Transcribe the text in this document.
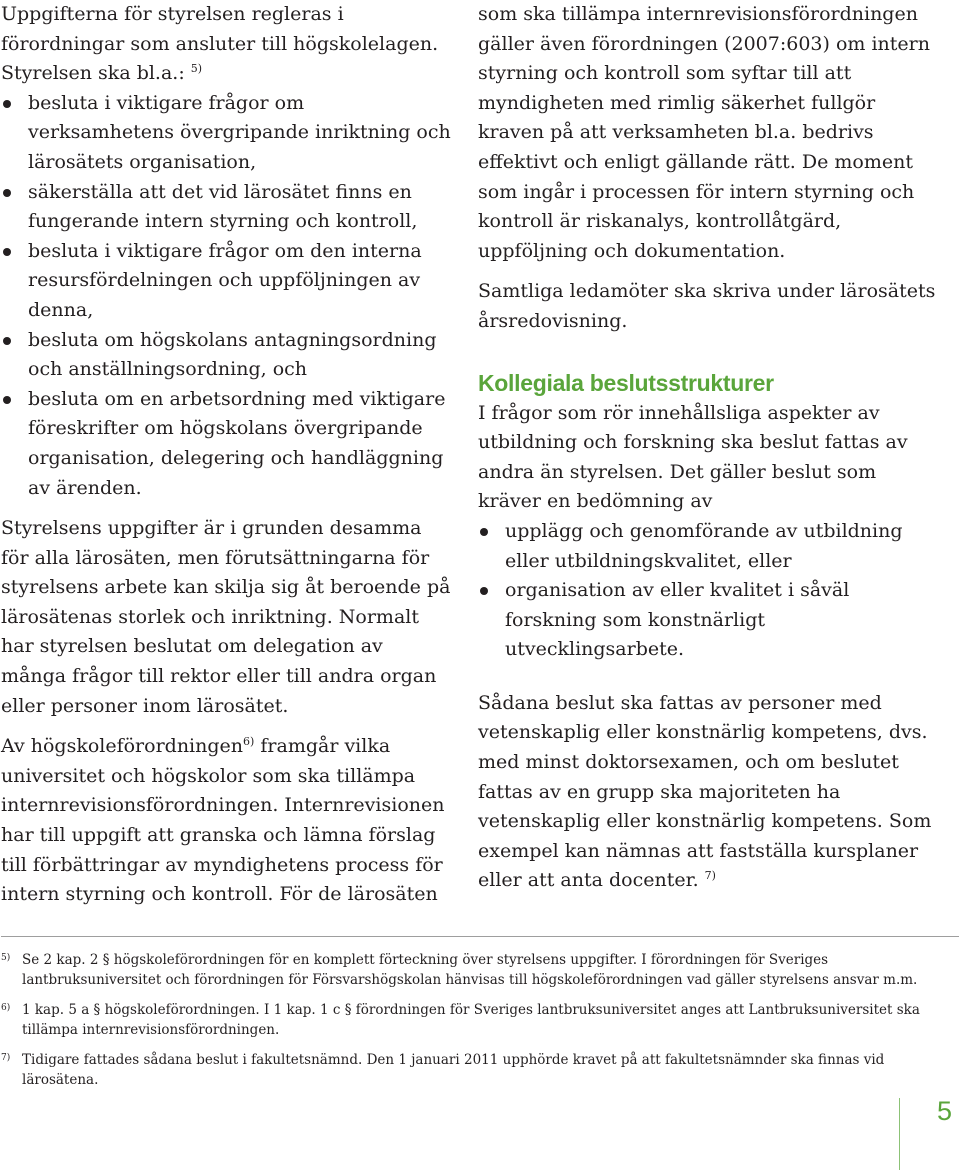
Uppgifterna för styrelsen regleras i förordningar som ansluter till högskolelagen. Styrelsen ska bl.a.: $^{5)}$

besluta i viktigare frågor om verksamhetens övergripande inriktning och lärosätets organisation,
säkerställa att det vid lärosätet finns en fungerande intern styrning och kontroll,
besluta i viktigare frågor om den interna resursfördelningen och uppföljningen av denna,
besluta om högskolans antagningsordning och anställningsordning, och
besluta om en arbetsordning med viktigare föreskrifter om högskolans övergripande organisation, delegering och handläggning av ärenden.

Styrelsens uppgifter är i grunden desamma för alla lärosäten, men förutsättningarna för styrelsens arbete kan skilja sig åt beroende på lärosätenas storlek och inriktning. Normalt har styrelsen beslutat om delegation av många frågor till rektor eller till andra organ eller personer inom lärosätet.

Av högskoleförordningen$^{6)}$ framgår vilka universitet och högskolor som ska tillämpa internrevisionsförordningen. Internrevisionen har till uppgift att granska och lämna förslag till förbättringar av myndighetens process för intern styrning och kontroll. För de lärosäten

som ska tillämpa internrevisionsförordningen gäller även förordningen (2007:603) om intern styrning och kontroll som syftar till att myndigheten med rimlig säkerhet fullgör kraven på att verksamheten bl.a. bedrivs effektivt och enligt gällande rätt. De moment som ingår i processen för intern styrning och kontroll är riskanalys, kontrollåtgärd, uppföljning och dokumentation.

Samtliga ledamöter ska skriva under lärosätets årsredovisning.

Kollegiala beslutsstrukturer

I frågor som rör innehållsliga aspekter av utbildning och forskning ska beslut fattas av andra än styrelsen. Det gäller beslut som kräver en bedömning av

upplägg och genomförande av utbildning eller utbildningskvalitet, eller
organisation av eller kvalitet i såväl forskning som konstnärligt utvecklingsarbete.

Sådana beslut ska fattas av personer med vetenskaplig eller konstnärlig kompetens, dvs. med minst doktorsexamen, och om beslutet fattas av en grupp ska majoriteten ha vetenskaplig eller konstnärlig kompetens. Som exempel kan nämnas att fastställa kursplaner eller att anta docenter. $^{7)}$

5) Se 2 kap. 2 § högskoleförordningen för en komplett förteckning över styrelsens uppgifter. I förordningen för Sveriges lantbruksuniversitet och förordningen för Försvarshögskolan hänvisas till högskoleförordningen vad gäller styrelsens ansvar m.m.
6) 1 kap. 5 a § högskoleförordningen. I 1 kap. 1 c § förordningen för Sveriges lantbruksuniversitet anges att Lantbruksuniversitet ska tillämpa internrevisionsförordningen.
7) Tidigare fattades sådana beslut i fakultetsnämnd. Den 1 januari 2011 upphörde kravet på att fakultetsnämnder ska finnas vid lärosätena.
5
